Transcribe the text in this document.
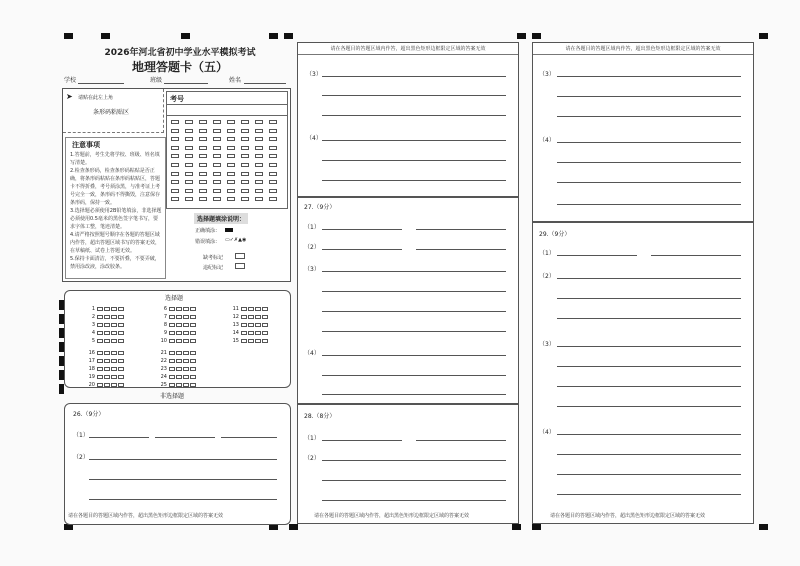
2026年河北省初中学业水平模拟考试
地理答题卡（五）
学校	班级	姓名
➤ 请贴在此左上角
条形码粘贴区
考号
注意事项
1.答题前，考生先将学校、班级、姓名填写清楚。
2.检查条形码，检查条形码粘贴是否正确，将条形码粘贴在条形码粘贴区，答题卡不得折叠，考号须涂黑，与准考证上考号完全一致，条形码不得撕毁，注意保存条形码，保持一致。
3.选择题必须使用2B铅笔填涂，非选择题必须使用0.5毫米的黑色签字笔书写，要求字体工整，笔迹清楚。
4.请严格按照题号顺序在各题的答题区域内作答，超出答题区域书写的答案无效，在草稿纸、试卷上答题无效。
5.保持卡面清洁，不要折叠，不要弄破，禁用涂改液，涂改胶条。
选择题填涂说明：
正确填涂：
错误填涂： ▭✓✗▲◉
缺考标记
违纪标记
选择题
1
2
3
4
5
6
7
8
9
10
11
12
13
14
15
16
17
18
19
20
21
22
23
24
25
非选择题
26.（9分）
（1）
（2）
请在各题目的答题区域内作答，超出黑色矩形边框限定区域的答案无效
请在各题目的答题区域内作答，超出黑色矩形边框限定区域的答案无效
（3）
（4）
27.（9分）
（1）
（2）
（3）
（4）
28.（8分）
（1）
（2）
请在各题目的答题区域内作答，超出黑色矩形边框限定区域的答案无效
请在各题目的答题区域内作答，超出黑色矩形边框限定区域的答案无效
（3）
（4）
29.（9分）
（1）
（2）
（3）
（4）
请在各题目的答题区域内作答，超出黑色矩形边框限定区域的答案无效
